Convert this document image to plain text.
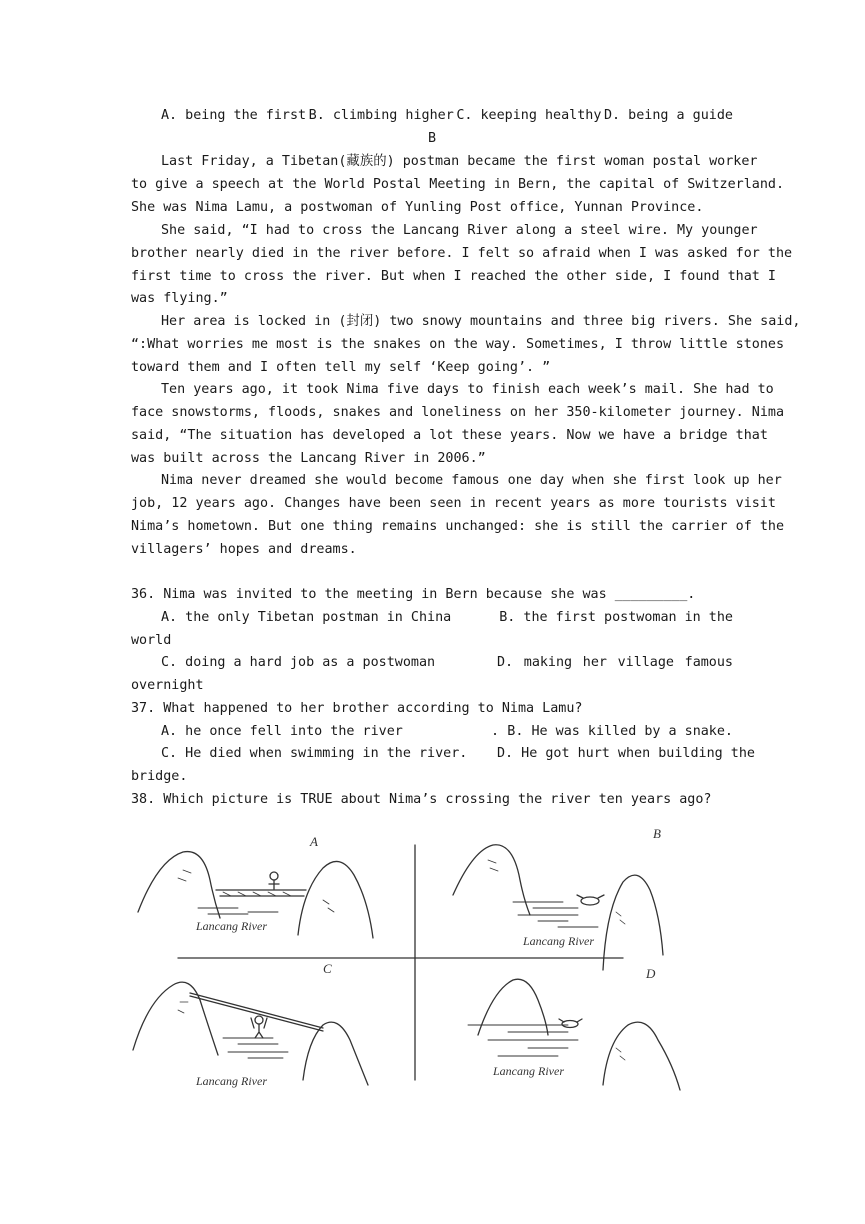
A. being the first B. climbing higher C. keeping healthy D. being a guide
B
Last Friday, a Tibetan(藏族的) postman became the first woman postal worker
to give a speech at the World Postal Meeting in Bern, the capital of Switzerland.
She was Nima Lamu, a postwoman of Yunling Post office, Yunnan Province.
She said, “I had to cross the Lancang River along a steel wire. My younger
brother nearly died in the river before. I felt so afraid when I was asked for the
first time to cross the river. But when I reached the other side, I found that I
was flying.”
Her area is locked in (封闭) two snowy mountains and three big rivers. She said,
“:What worries me most is the snakes on the way. Sometimes, I throw little stones
toward them and I often tell my self ‘Keep going’. ”
Ten years ago, it took Nima five days to finish each week’s mail. She had to
face snowstorms, floods, snakes and loneliness on her 350-kilometer journey. Nima
said, “The situation has developed a lot these years. Now we have a bridge that
was built across the Lancang River in 2006.”
Nima never dreamed she would become famous one day when she first look up her
job, 12 years ago. Changes have been seen in recent years as more tourists visit
Nima’s hometown. But one thing remains unchanged: she is still the carrier of the
villagers’ hopes and dreams.
36. Nima was invited to the meeting in Bern because she was _________.
A. the only Tibetan postman in China	B. the first postwoman in the
world
C. doing a hard job as a postwoman	D. making her village famous
overnight
37. What happened to her brother according to Nima Lamu?
A. he once fell into the river	. B. He was killed by a snake.
C. He died when swimming in the river. D. He got hurt when building the
bridge.
38. Which picture is TRUE about Nima’s crossing the river ten years ago?
A
B
C	D
Lancang River
Lancang River
Lancang River
Lancang River
